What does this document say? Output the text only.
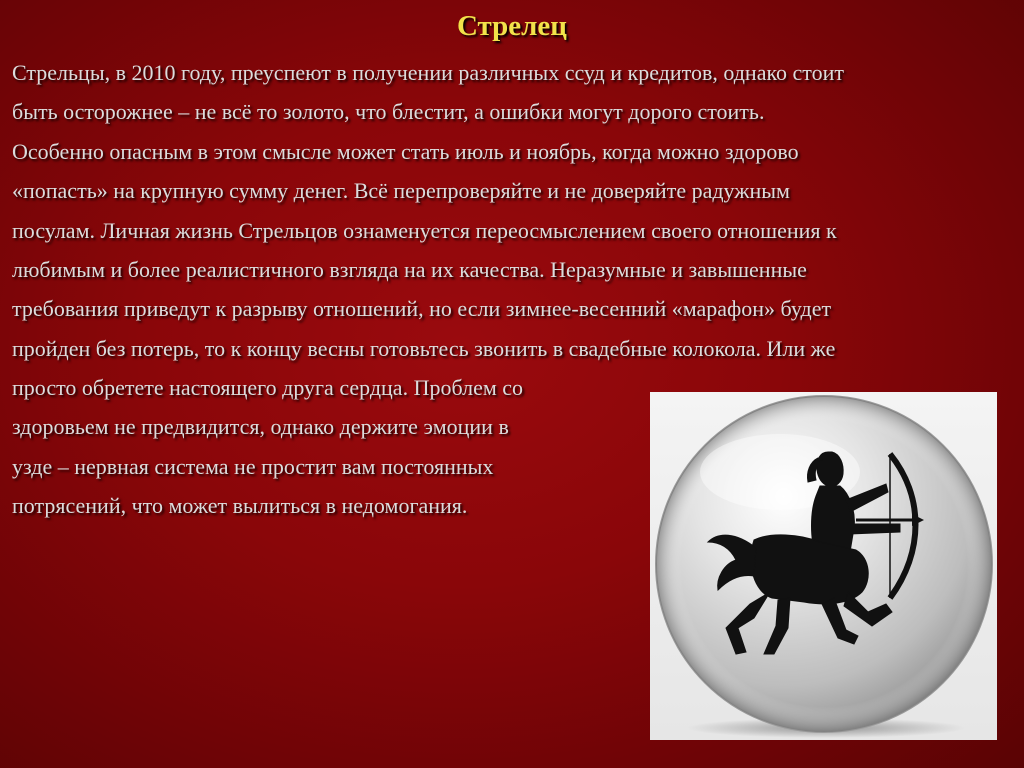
Стрелец

Стрельцы, в 2010 году, преуспеют в получении различных ссуд и кредитов, однако стоит
быть осторожнее – не всё то золото, что блестит, а ошибки могут дорого стоить.
Особенно опасным в этом смысле может стать июль и ноябрь, когда можно здорово
«попасть» на крупную сумму денег. Всё перепроверяйте и не доверяйте радужным
посулам. Личная жизнь Стрельцов ознаменуется переосмыслением своего отношения к
любимым и более реалистичного взгляда на их качества. Неразумные и завышенные
требования приведут к разрыву отношений, но если зимнее-весенний «марафон» будет
пройден без потерь, то к концу весны готовьтесь звонить в свадебные колокола. Или же

просто обретете настоящего друга сердца. Проблем со
здоровьем не предвидится, однако держите эмоции в
узде – нервная система не простит вам постоянных
потрясений, что может вылиться в недомогания.
